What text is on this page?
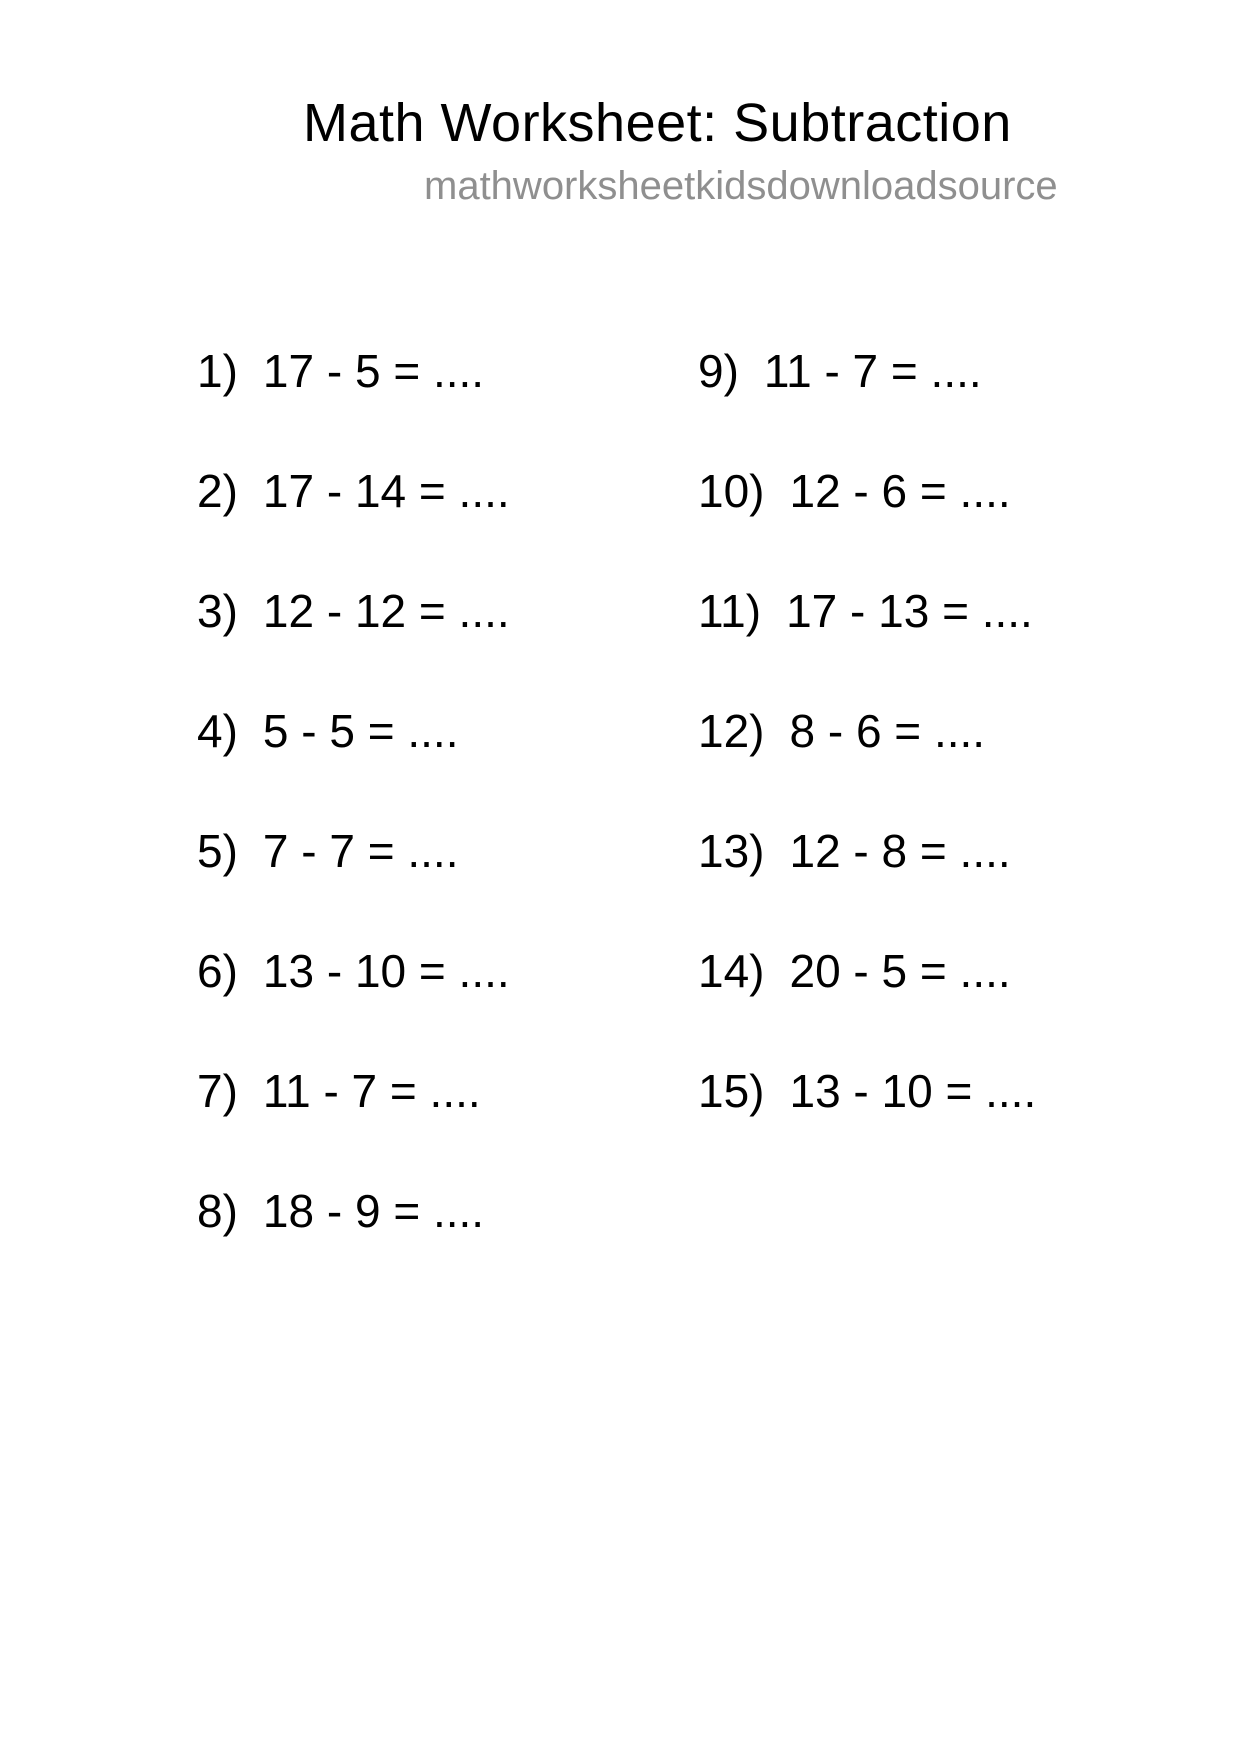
Math Worksheet: Subtraction
mathworksheetkidsdownloadsource
1) 17 - 5 = ....
2) 17 - 14 = ....
3) 12 - 12 = ....
4) 5 - 5 = ....
5) 7 - 7 = ....
6) 13 - 10 = ....
7) 11 - 7 = ....
8) 18 - 9 = ....
9) 11 - 7 = ....
10) 12 - 6 = ....
11) 17 - 13 = ....
12) 8 - 6 = ....
13) 12 - 8 = ....
14) 20 - 5 = ....
15) 13 - 10 = ....
